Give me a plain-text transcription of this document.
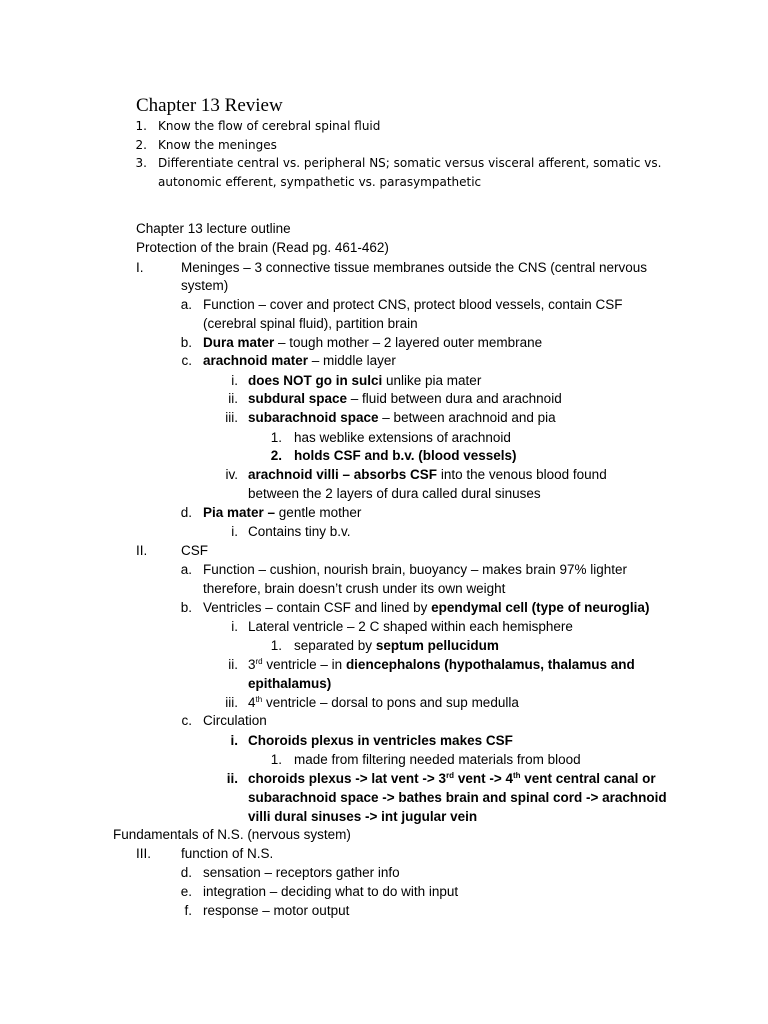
Chapter 13 Review
1. Know the flow of cerebral spinal fluid
2. Know the meninges
3. Differentiate central vs. peripheral NS; somatic versus visceral afferent, somatic vs.
autonomic efferent, sympathetic vs. parasympathetic
Chapter 13 lecture outline
Protection of the brain (Read pg. 461-462)
I.	Meninges – 3 connective tissue membranes outside the CNS (central nervous
system)
a. Function – cover and protect CNS, protect blood vessels, contain CSF
(cerebral spinal fluid), partition brain
b. Dura mater – tough mother – 2 layered outer membrane
c. arachnoid mater – middle layer
i. does NOT go in sulci unlike pia mater
ii. subdural space – fluid between dura and arachnoid
iii. subarachnoid space – between arachnoid and pia
1. has weblike extensions of arachnoid
2. holds CSF and b.v. (blood vessels)
iv. arachnoid villi – absorbs CSF into the venous blood found
between the 2 layers of dura called dural sinuses
d. Pia mater – gentle mother
i. Contains tiny b.v.
II. CSF
a. Function – cushion, nourish brain, buoyancy – makes brain 97% lighter
therefore, brain doesn’t crush under its own weight
b. Ventricles – contain CSF and lined by ependymal cell (type of neuroglia)
i. Lateral ventricle – 2 C shaped within each hemisphere
1. separated by septum pellucidum
ii. 3rd ventricle – in diencephalons (hypothalamus, thalamus and
epithalamus)
iii. 4th ventricle – dorsal to pons and sup medulla
c. Circulation
i. Choroids plexus in ventricles makes CSF
1. made from filtering needed materials from blood
ii. choroids plexus -> lat vent -> 3rd vent -> 4th vent central canal or
subarachnoid space -> bathes brain and spinal cord -> arachnoid
villi dural sinuses -> int jugular vein
Fundamentals of N.S. (nervous system)
III. function of N.S.
d. sensation – receptors gather info
e. integration – deciding what to do with input
f. response – motor output
